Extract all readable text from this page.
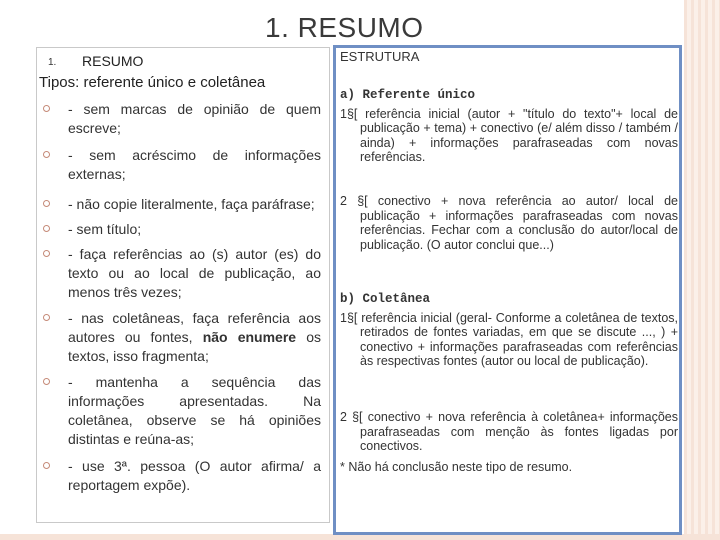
1. RESUMO
1. RESUMO
Tipos: referente único e coletânea
- sem marcas de opinião de quem escreve;
- sem acréscimo de informações externas;
- não copie literalmente, faça paráfrase;
- sem título;
- faça referências ao (s) autor (es) do texto ou ao local de publicação, ao menos três vezes;
- nas coletâneas, faça referência aos autores ou fontes, não enumere os textos, isso fragmenta;
- mantenha a sequência das informações apresentadas. Na coletânea, observe se há opiniões distintas e reúna-as;
- use 3ª. pessoa (O autor afirma/ a reportagem expõe).
ESTRUTURA
a) Referente único
1§[ referência inicial (autor + "título do texto"+ local de publicação + tema) + conectivo (e/ além disso / também / ainda) + informações parafraseadas com novas referências.
2 §[ conectivo + nova referência ao autor/ local de publicação + informações parafraseadas com novas referências. Fechar com a conclusão do autor/local de publicação. (O autor conclui que...)
b) Coletânea
1§[ referência inicial (geral- Conforme a coletânea de textos, retirados de fontes variadas, em que se discute ..., ) + conectivo + informações parafraseadas com referências às respectivas fontes (autor ou local de publicação).
2 §[ conectivo + nova referência à coletânea+ informações parafraseadas com menção às fontes ligadas por conectivos.
* Não há conclusão neste tipo de resumo.
